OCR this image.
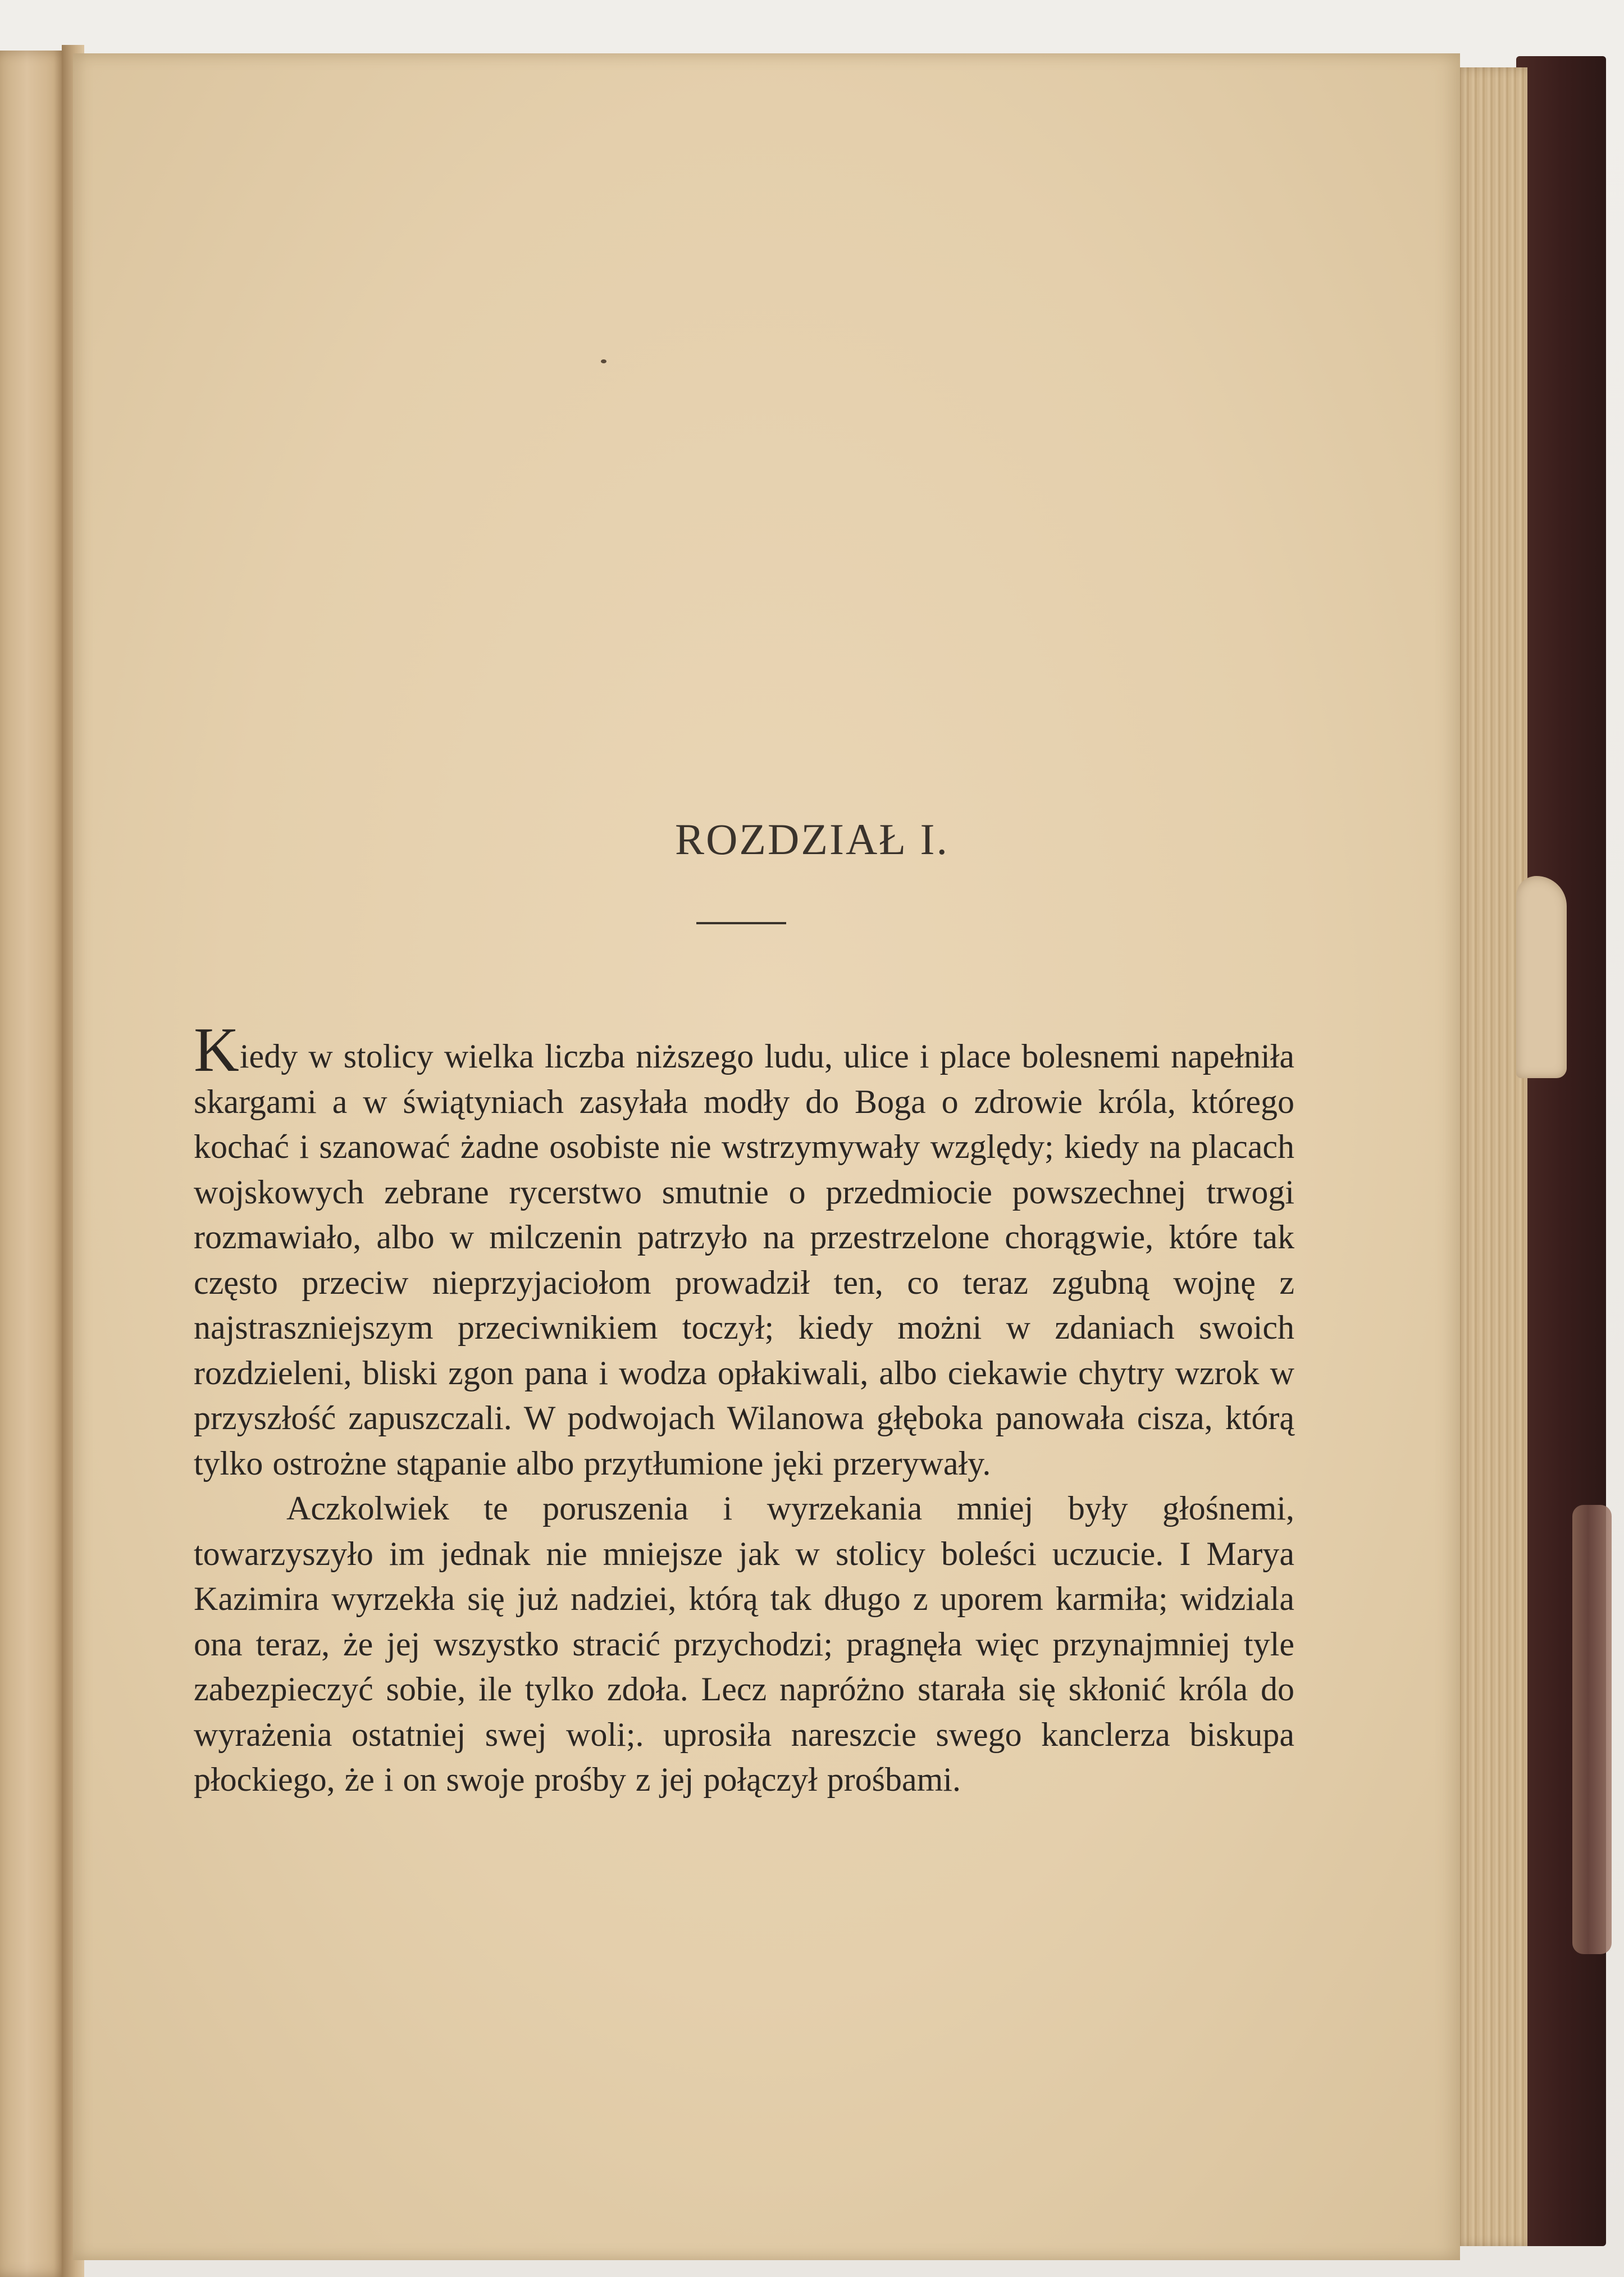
ROZDZIAŁ I.

Kiedy w stolicy wielka liczba niższego ludu, ulice i place bolesnemi napełniła skargami a w świątyniach zasyłała modły do Boga o zdrowie króla, którego kochać i szanować żadne osobiste nie wstrzymywały względy; kiedy na placach wojskowych zebrane rycerstwo smutnie o przedmiocie powszechnej trwogi rozmawiało, albo w milczenin patrzyło na przestrzelone chorągwie, które tak często przeciw nieprzyjaciołom prowadził ten, co teraz zgubną wojnę z najstraszniejszym przeciwnikiem toczył; kiedy możni w zdaniach swoich rozdzieleni, bliski zgon pana i wodza opłakiwali, albo ciekawie chytry wzrok w przyszłość zapuszczali. W podwojach Wilanowa głęboka panowała cisza, którą tylko ostrożne stąpanie albo przytłumione jęki przerywały.

Aczkolwiek te poruszenia i wyrzekania mniej były głośnemi, towarzyszyło im jednak nie mniejsze jak w stolicy boleści uczucie. I Marya Kazimira wyrzekła się już nadziei, którą tak długo z uporem karmiła; widziala ona teraz, że jej wszystko stracić przychodzi; pragnęła więc przynajmniej tyle zabezpieczyć sobie, ile tylko zdoła. Lecz napróżno starała się skłonić króla do wyrażenia ostatniej swej woli;. uprosiła nareszcie swego kanclerza biskupa płockiego, że i on swoje prośby z jej połączył prośbami.
